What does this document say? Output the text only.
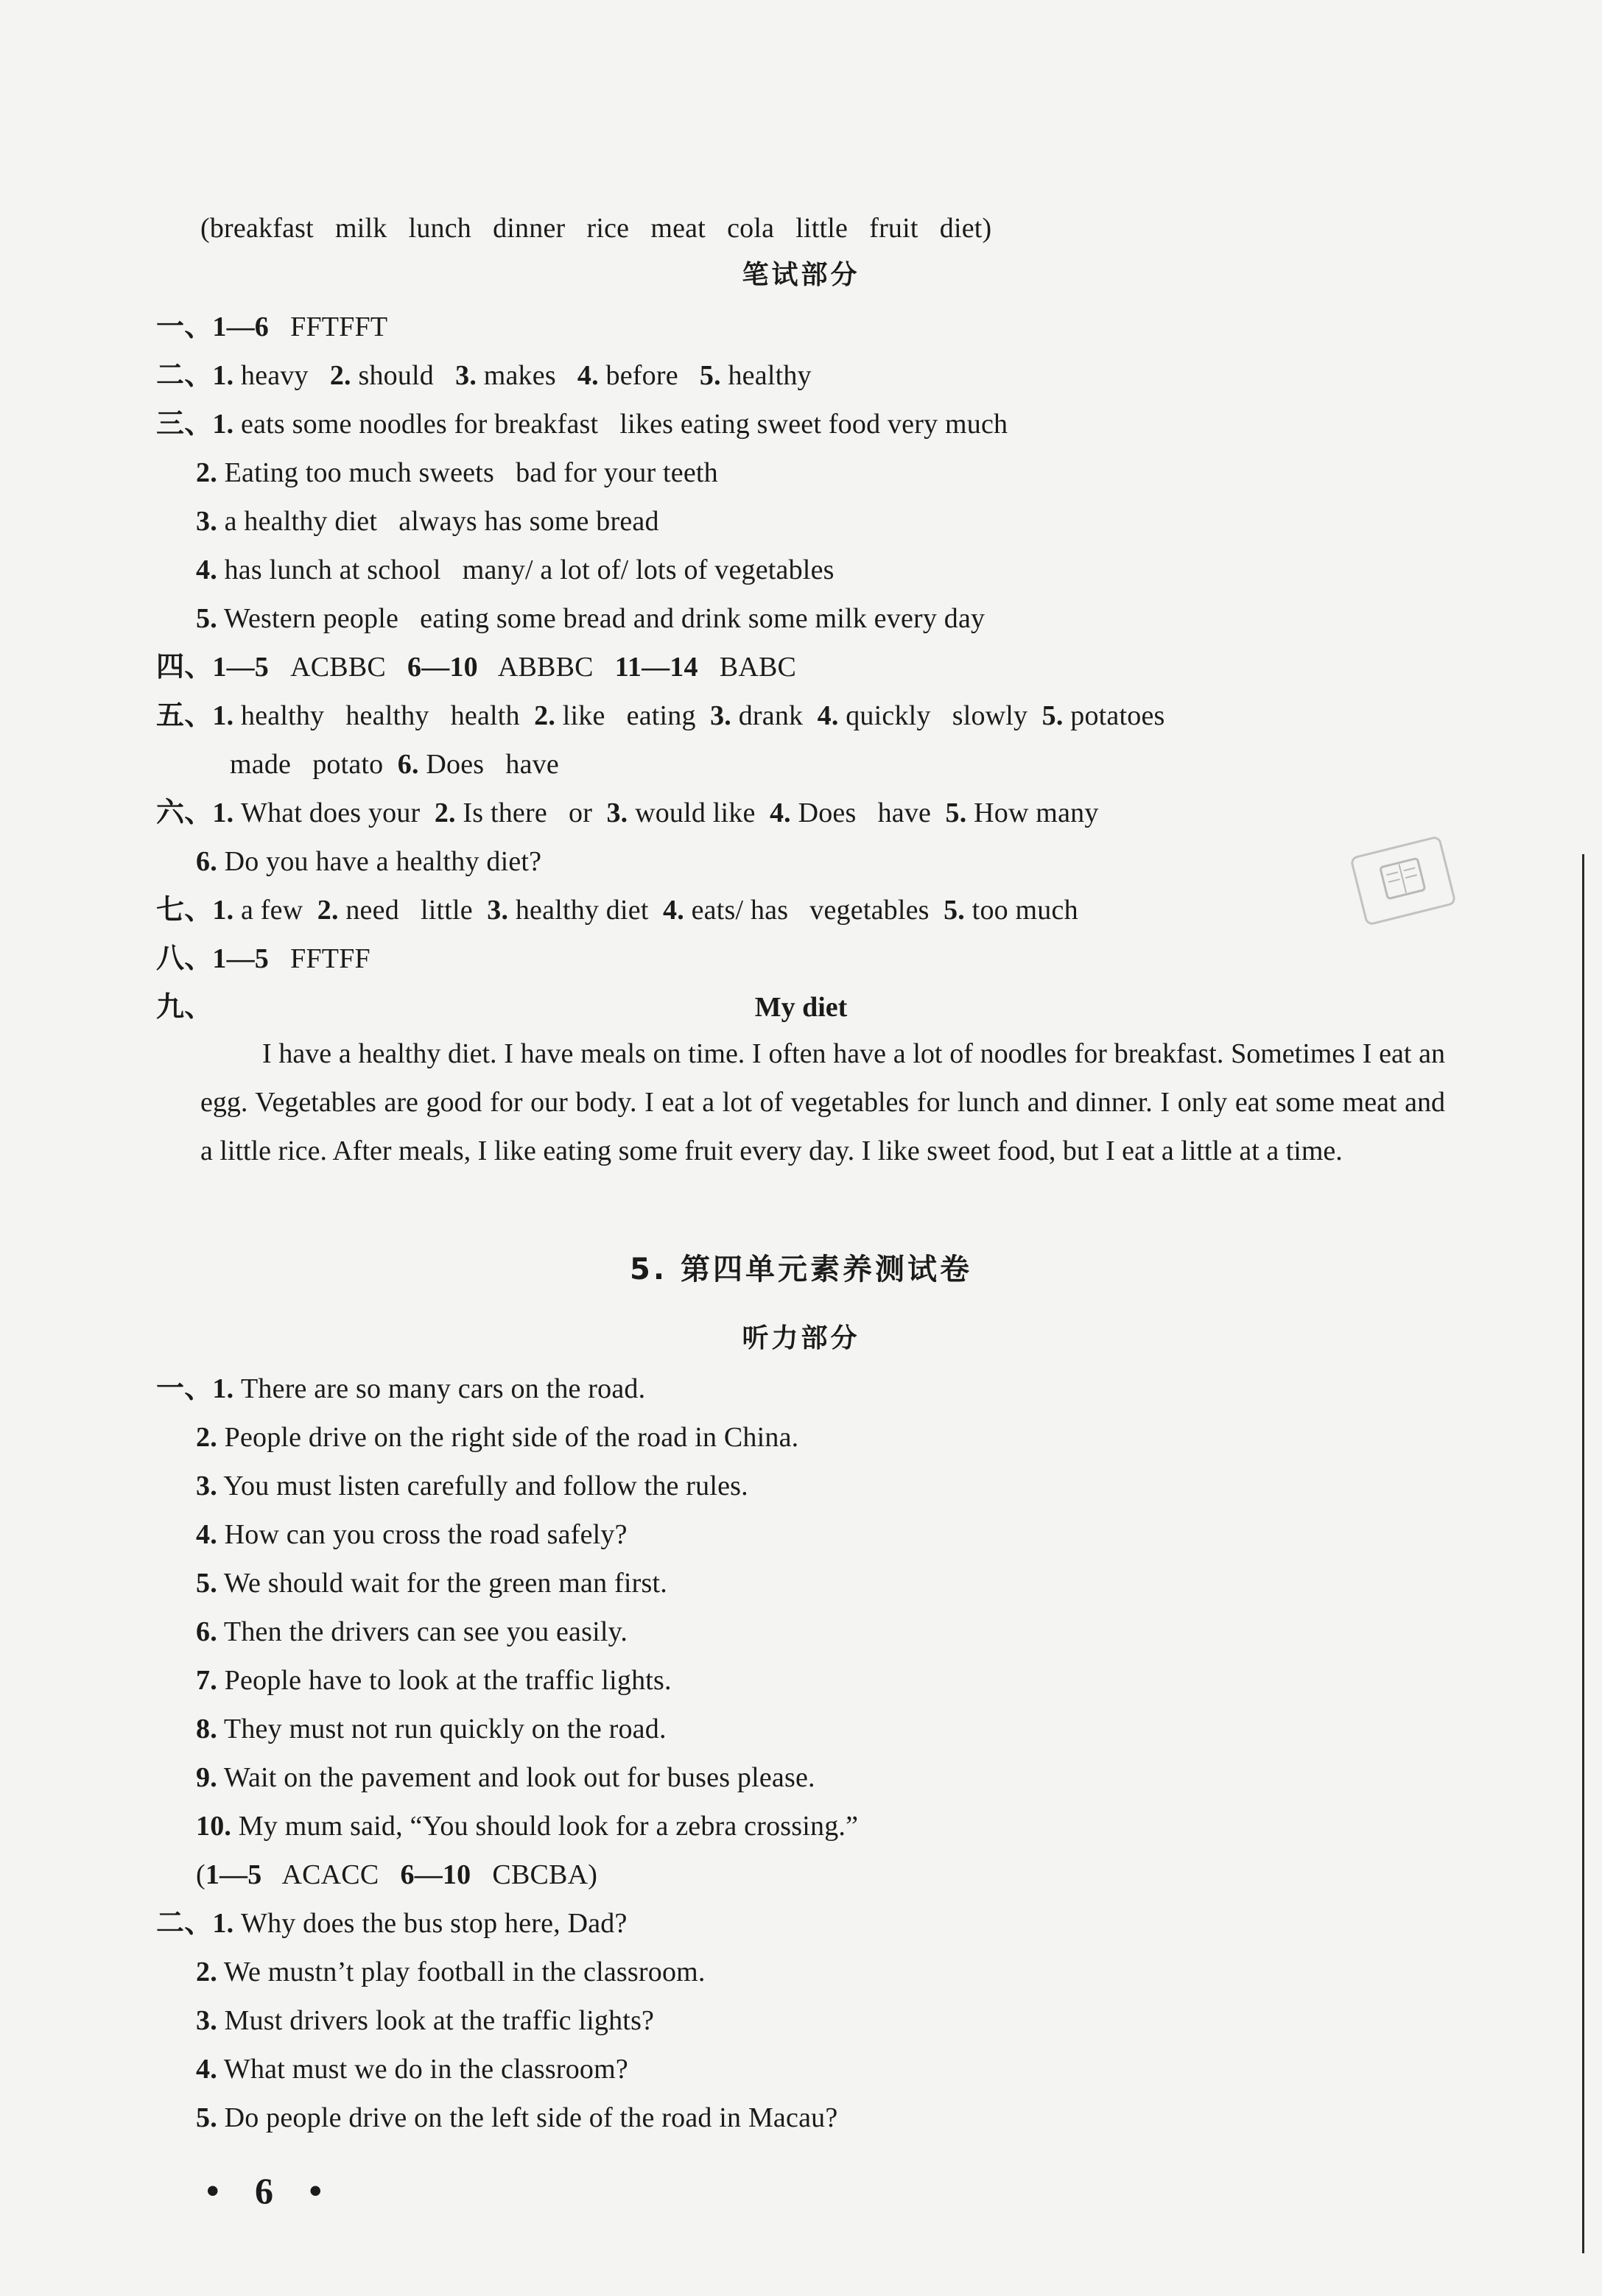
(breakfast   milk   lunch   dinner   rice   meat   cola   little   fruit   diet)
笔试部分
一、1—6 FFTFFT
二、1. heavy   2. should   3. makes   4. before   5. healthy
三、1. eats some noodles for breakfast   likes eating sweet food very much
2. Eating too much sweets   bad for your teeth
3. a healthy diet   always has some bread
4. has lunch at school   many/ a lot of/ lots of vegetables
5. Western people   eating some bread and drink some milk every day
四、1—5   ACBBC   6—10   ABBBC   11—14   BABC
五、1. healthy   healthy   health  2. like   eating  3. drank  4. quickly   slowly  5. potatoes
made   potato  6. Does   have
六、1. What does your  2. Is there   or  3. would like  4. Does   have  5. How many
6. Do you have a healthy diet?
七、1. a few  2. need   little  3. healthy diet  4. eats/ has   vegetables  5. too much
八、1—5 FFTFF
九、	My diet
I have a healthy diet. I have meals on time. I often have a lot of noodles for breakfast. Sometimes I eat an egg. Vegetables are good for our body. I eat a lot of vegetables for lunch and dinner. I only eat some meat and a little rice. After meals, I like eating some fruit every day. I like sweet food, but I eat a little at a time.
5. 第四单元素养测试卷
听力部分
一、1. There are so many cars on the road.
2. People drive on the right side of the road in China.
3. You must listen carefully and follow the rules.
4. How can you cross the road safely?
5. We should wait for the green man first.
6. Then the drivers can see you easily.
7. People have to look at the traffic lights.
8. They must not run quickly on the road.
9. Wait on the pavement and look out for buses please.
10. My mum said, “You should look for a zebra crossing.”
(1—5   ACACC   6—10   CBCBA)
二、1. Why does the bus stop here, Dad?
2. We mustn’t play football in the classroom.
3. Must drivers look at the traffic lights?
4. What must we do in the classroom?
5. Do people drive on the left side of the road in Macau?
• 6 •
